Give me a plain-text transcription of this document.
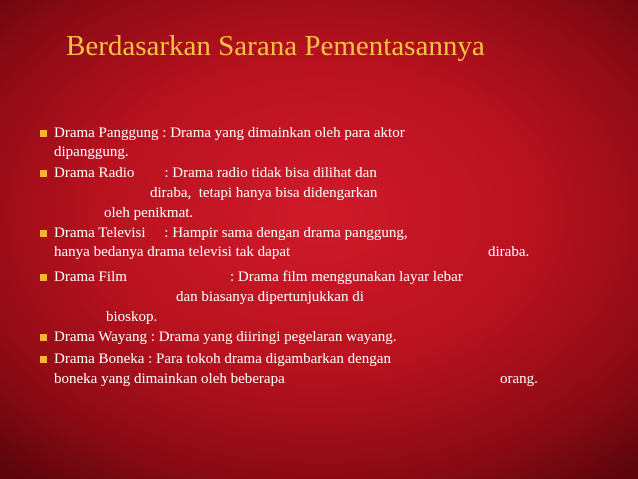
Berdasarkan Sarana Pementasannya
Drama Panggung : Drama yang dimainkan oleh para aktor
dipanggung.
Drama Radio        : Drama radio tidak bisa dilihat dan
diraba,  tetapi hanya bisa didengarkan
oleh penikmat.
Drama Televisi     : Hampir sama dengan drama panggung,
hanya bedanya drama televisi tak dapat	diraba.
Drama Film	: Drama film menggunakan layar lebar
dan biasanya dipertunjukkan di
bioskop.
Drama Wayang : Drama yang diiringi pegelaran wayang.
Drama Boneka : Para tokoh drama digambarkan dengan
boneka yang dimainkan oleh beberapa	orang.
